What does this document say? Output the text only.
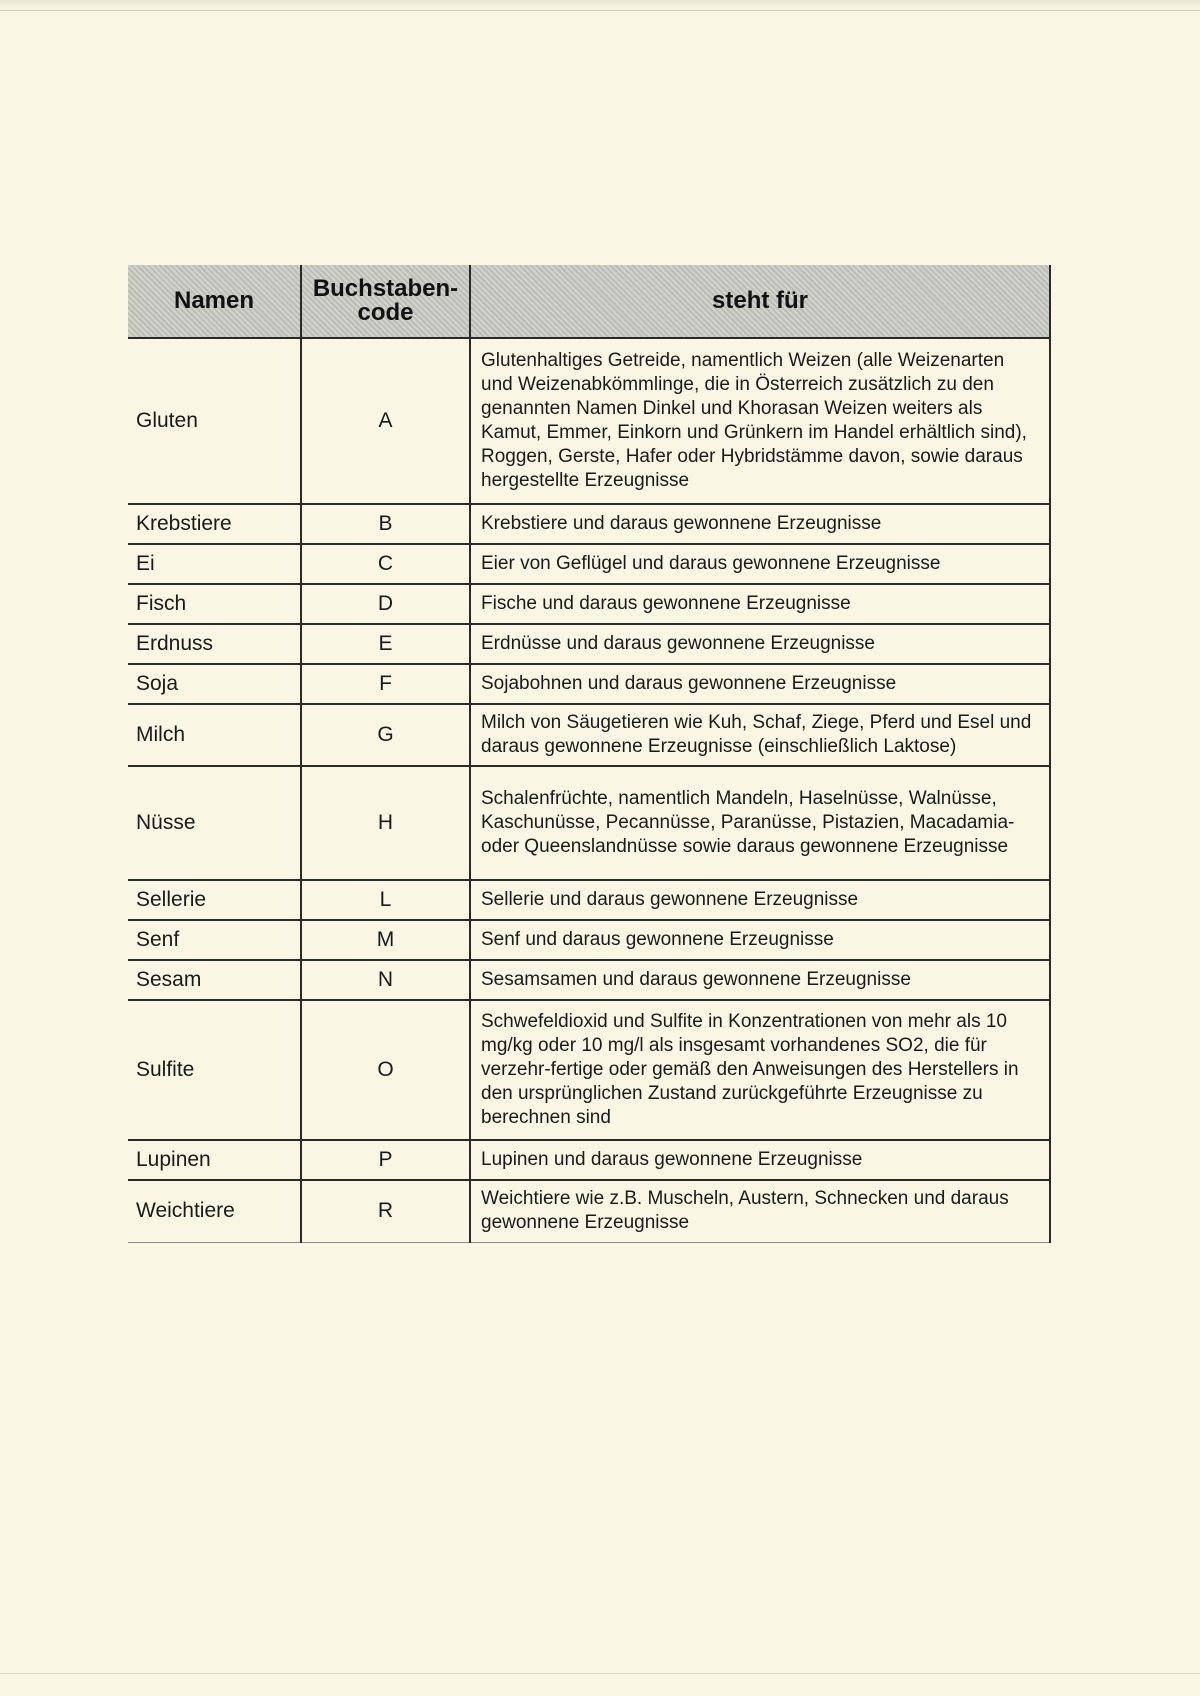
Namen	Buchstaben-code	steht für
Gluten	A	Glutenhaltiges Getreide, namentlich Weizen (alle Weizenarten und Weizenabkömmlinge, die in Österreich zusätzlich zu den genannten Namen Dinkel und Khorasan Weizen weiters als Kamut, Emmer, Einkorn und Grünkern im Handel erhältlich sind), Roggen, Gerste, Hafer oder Hybridstämme davon, sowie daraus hergestellte Erzeugnisse
Krebstiere	B	Krebstiere und daraus gewonnene Erzeugnisse
Ei	C	Eier von Geflügel und daraus gewonnene Erzeugnisse
Fisch	D	Fische und daraus gewonnene Erzeugnisse
Erdnuss	E	Erdnüsse und daraus gewonnene Erzeugnisse
Soja	F	Sojabohnen und daraus gewonnene Erzeugnisse
Milch	G	Milch von Säugetieren wie Kuh, Schaf, Ziege, Pferd und Esel und daraus gewonnene Erzeugnisse (einschließlich Laktose)
Nüsse	H	Schalenfrüchte, namentlich Mandeln, Haselnüsse, Walnüsse, Kaschunüsse, Pecannüsse, Paranüsse, Pistazien, Macadamia- oder Queenslandnüsse sowie daraus gewonnene Erzeugnisse
Sellerie	L	Sellerie und daraus gewonnene Erzeugnisse
Senf	M	Senf und daraus gewonnene Erzeugnisse
Sesam	N	Sesamsamen und daraus gewonnene Erzeugnisse
Sulfite	O	Schwefeldioxid und Sulfite in Konzentrationen von mehr als 10 mg/kg oder 10 mg/l als insgesamt vorhandenes SO2, die für verzehr-fertige oder gemäß den Anweisungen des Herstellers in den ursprünglichen Zustand zurückgeführte Erzeugnisse zu berechnen sind
Lupinen	P	Lupinen und daraus gewonnene Erzeugnisse
Weichtiere	R	Weichtiere wie z.B. Muscheln, Austern, Schnecken und daraus gewonnene Erzeugnisse
